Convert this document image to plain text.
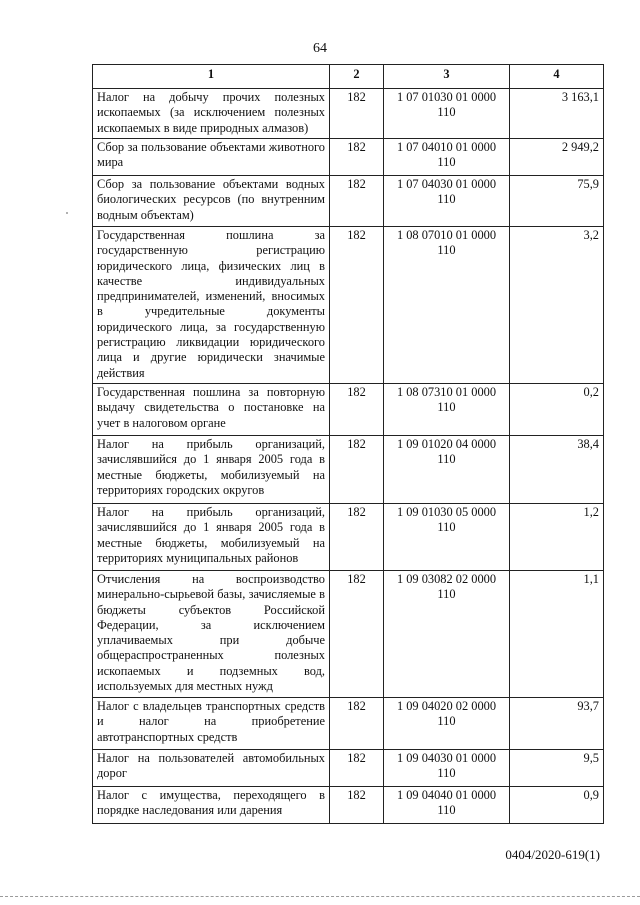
64
1	2	3	4
Налог на добычу прочих полезных ископаемых (за исключением полезных ископаемых в виде природных алмазов)	182	1 07 01030 01 0000 110	3 163,1
Сбор за пользование объектами животного мира	182	1 07 04010 01 0000 110	2 949,2
Сбор за пользование объектами водных биологических ресурсов (по внутренним водным объектам)	182	1 07 04030 01 0000 110	75,9
Государственная пошлина за государственную регистрацию юридического лица, физических лиц в качестве индивидуальных предпринимателей, изменений, вносимых в учредительные документы юридического лица, за государственную регистрацию ликвидации юридического лица и другие юридически значимые действия	182	1 08 07010 01 0000 110	3,2
Государственная пошлина за повторную выдачу свидетельства о постановке на учет в налоговом органе	182	1 08 07310 01 0000 110	0,2
Налог на прибыль организаций, зачислявшийся до 1 января 2005 года в местные бюджеты, мобилизуемый на территориях городских округов	182	1 09 01020 04 0000 110	38,4
Налог на прибыль организаций, зачислявшийся до 1 января 2005 года в местные бюджеты, мобилизуемый на территориях муниципальных районов	182	1 09 01030 05 0000 110	1,2
Отчисления на воспроизводство минерально-сырьевой базы, зачисляемые в бюджеты субъектов Российской Федерации, за исключением уплачиваемых при добыче общераспространенных полезных ископаемых и подземных вод, используемых для местных нужд	182	1 09 03082 02 0000 110	1,1
Налог с владельцев транспортных средств и налог на приобретение автотранспортных средств	182	1 09 04020 02 0000 110	93,7
Налог на пользователей автомобильных дорог	182	1 09 04030 01 0000 110	9,5
Налог с имущества, переходящего в порядке наследования или дарения	182	1 09 04040 01 0000 110	0,9
0404/2020-619(1)
